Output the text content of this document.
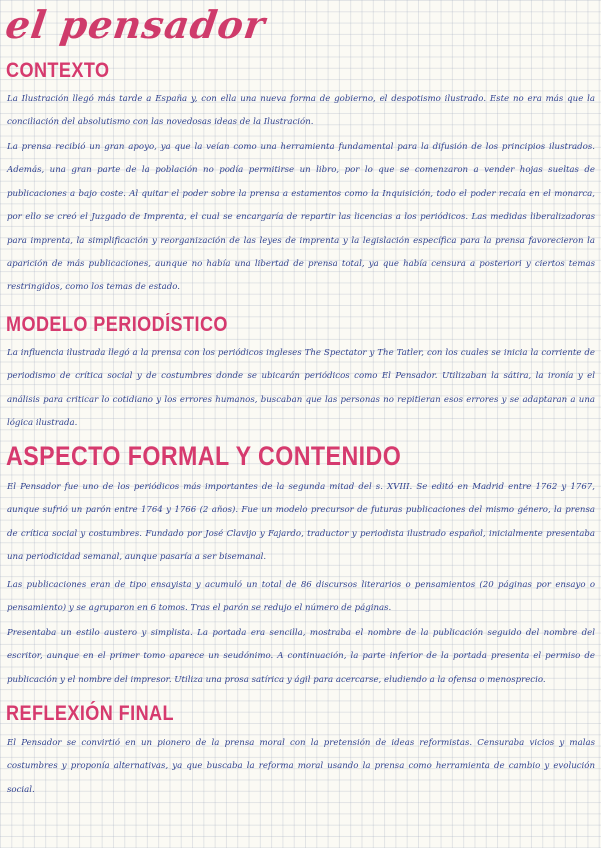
el pensador
CONTEXTO

La Ilustración llegó más tarde a España y, con ella una nueva forma de gobierno, el despotismo ilustrado. Este no era más que la conciliación del absolutismo con las novedosas ideas de la Ilustración.

La prensa recibió un gran apoyo, ya que la veían como una herramienta fundamental para la difusión de los principios ilustrados. Además, una gran parte de la población no podía permitirse un libro, por lo que se comenzaron a vender hojas sueltas de publicaciones a bajo coste. Al quitar el poder sobre la prensa a estamentos como la Inquisición, todo el poder recaía en el monarca, por ello se creó el Juzgado de Imprenta, el cual se encargaría de repartir las licencias a los periódicos. Las medidas liberalizadoras para imprenta, la simplificación y reorganización de las leyes de imprenta y la legislación específica para la prensa favorecieron la aparición de más publicaciones, aunque no había una libertad de prensa total, ya que había censura a posteriori y ciertos temas restringidos, como los temas de estado.

MODELO PERIODÍSTICO

La influencia ilustrada llegó a la prensa con los periódicos ingleses The Spectator y The Tatler, con los cuales se inicia la corriente de periodismo de crítica social y de costumbres donde se ubicarán periódicos como El Pensador. Utilizaban la sátira, la ironía y el análisis para criticar lo cotidiano y los errores humanos, buscaban que las personas no repitieran esos errores y se adaptaran a una lógica ilustrada.

ASPECTO FORMAL Y CONTENIDO

El Pensador fue uno de los periódicos más importantes de la segunda mitad del s. XVIII. Se editó en Madrid entre 1762 y 1767, aunque sufrió un parón entre 1764 y 1766 (2 años). Fue un modelo precursor de futuras publicaciones del mismo género, la prensa de crítica social y costumbres. Fundado por José Clavijo y Fajardo, traductor y periodista ilustrado español, inicialmente presentaba una periodicidad semanal, aunque pasaría a ser bisemanal.

Las publicaciones eran de tipo ensayista y acumuló un total de 86 discursos literarios o pensamientos (20 páginas por ensayo o pensamiento) y se agruparon en 6 tomos. Tras el parón se redujo el número de páginas.

Presentaba un estilo austero y simplista. La portada era sencilla, mostraba el nombre de la publicación seguido del nombre del escritor, aunque en el primer tomo aparece un seudónimo. A continuación, la parte inferior de la portada presenta el permiso de publicación y el nombre del impresor. Utiliza una prosa satírica y ágil para acercarse, eludiendo a la ofensa o menosprecio.

REFLEXIÓN FINAL

El Pensador se convirtió en un pionero de la prensa moral con la pretensión de ideas reformistas. Censuraba vicios y malas costumbres y proponía alternativas, ya que buscaba la reforma moral usando la prensa como herramienta de cambio y evolución social.
